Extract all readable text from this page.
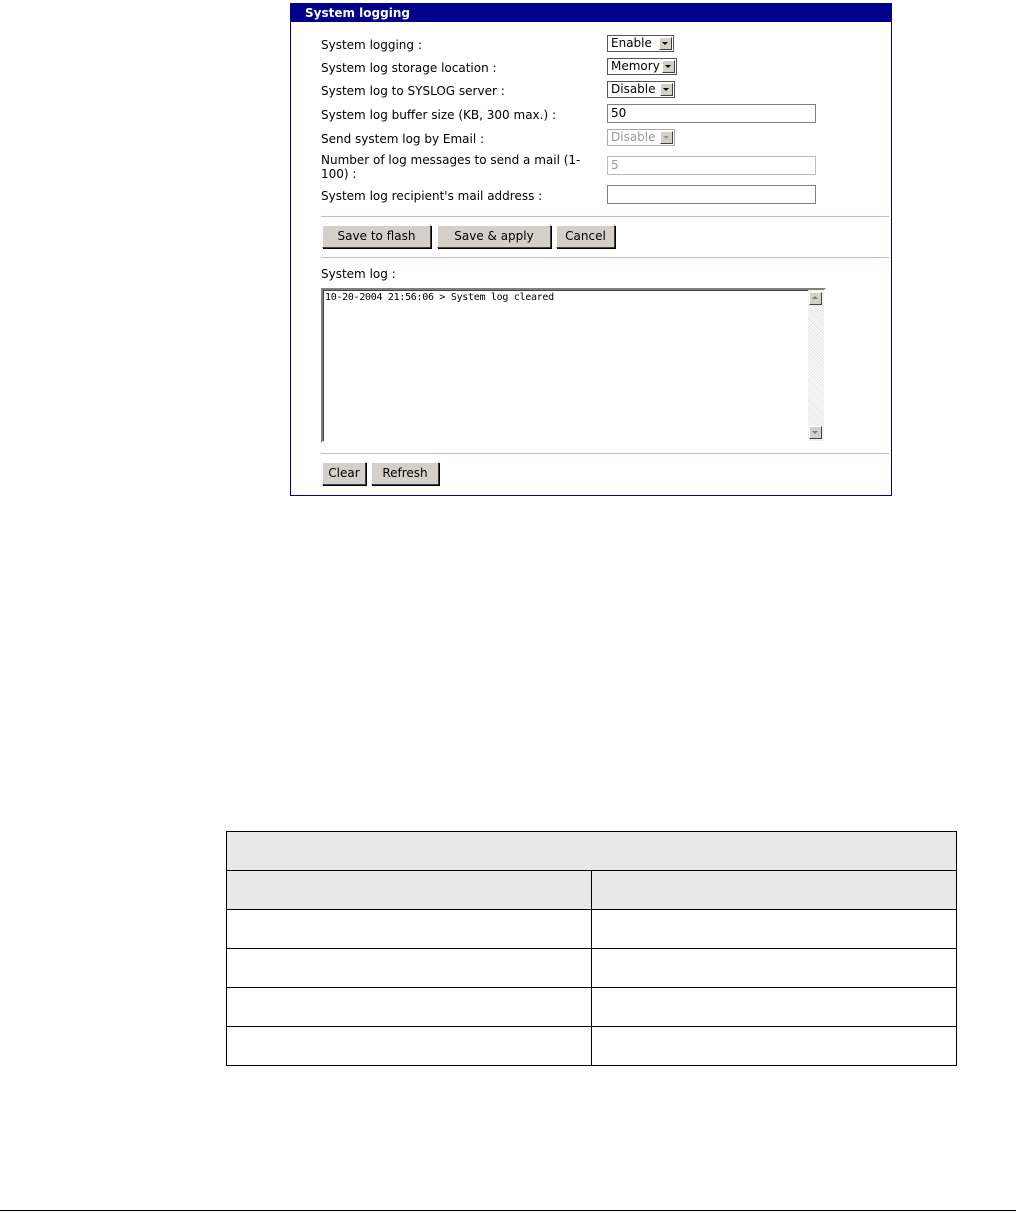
System logging
System logging :	Enable
System log storage location :	Memory
System log to SYSLOG server :	Disable
System log buffer size (KB, 300 max.) :	50
Send system log by Email :	Disable
Number of log messages to send a mail (1-100) :
5
System log recipient's mail address :
Save to flash	Save & apply	Cancel
System log :
10-20-2004 21:56:06 > System log cleared
Clear	Refresh
